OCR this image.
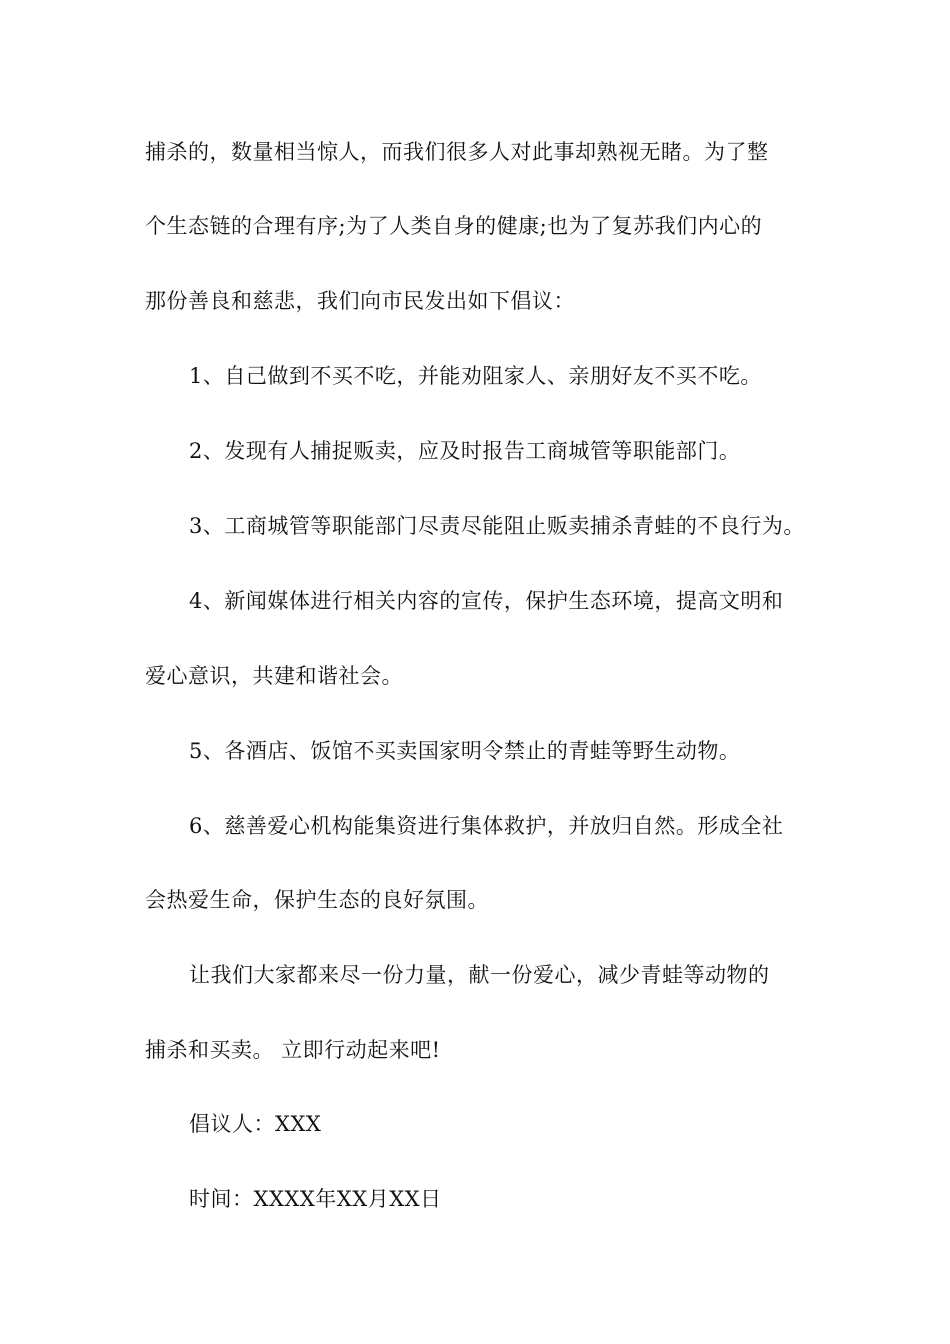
捕杀的，数量相当惊人，而我们很多人对此事却熟视无睹。为了整
个生态链的合理有序;为了人类自身的健康;也为了复苏我们内心的
那份善良和慈悲，我们向市民发出如下倡议：
1、自己做到不买不吃，并能劝阻家人、亲朋好友不买不吃。
2、发现有人捕捉贩卖，应及时报告工商城管等职能部门。
3、工商城管等职能部门尽责尽能阻止贩卖捕杀青蛙的不良行为。
4、新闻媒体进行相关内容的宣传，保护生态环境，提高文明和
爱心意识，共建和谐社会。
5、各酒店、饭馆不买卖国家明令禁止的青蛙等野生动物。
6、慈善爱心机构能集资进行集体救护，并放归自然。形成全社
会热爱生命，保护生态的良好氛围。
让我们大家都来尽一份力量，献一份爱心，减少青蛙等动物的
捕杀和买卖。 立即行动起来吧!
倡议人：XXX
时间：XXXX年XX月XX日
